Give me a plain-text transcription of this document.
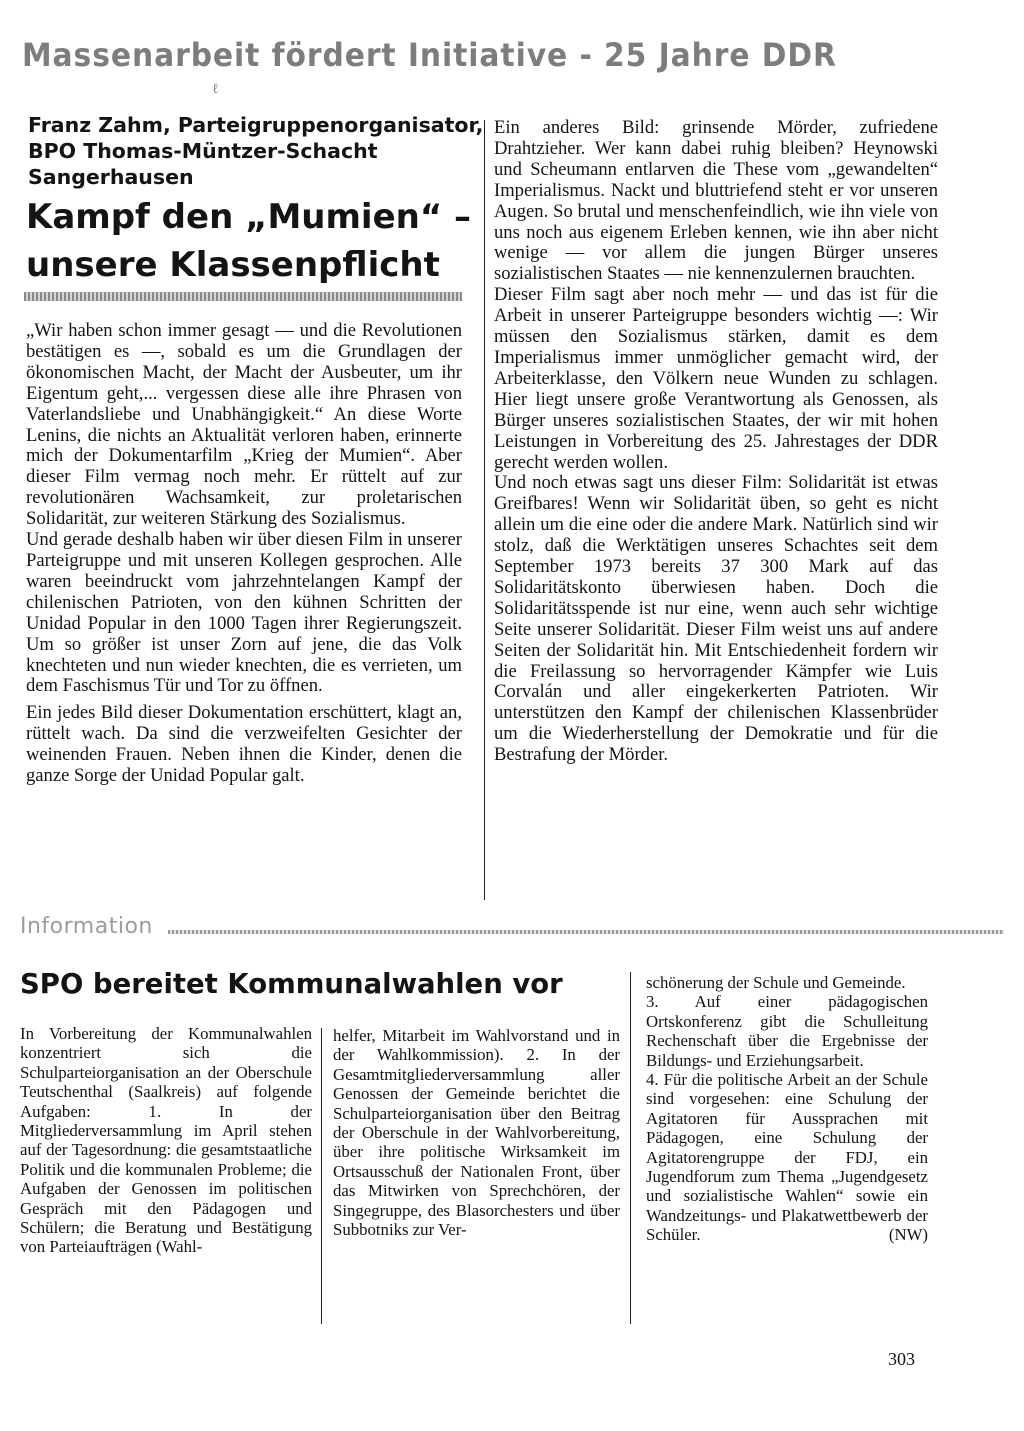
Massenarbeit fördert Initiative - 25 Jahre DDR
ℓ
Franz Zahm, Parteigruppenorganisator,
BPO Thomas-Müntzer-Schacht
Sangerhausen
Kampf den „Mumien“ –
unsere Klassenpflicht

„Wir haben schon immer gesagt — und die Revolutionen bestätigen es —, sobald es um die Grundlagen der ökonomischen Macht, der Macht der Ausbeuter, um ihr Eigentum geht,... vergessen diese alle ihre Phrasen von Vaterlandsliebe und Unabhängigkeit.“ An diese Worte Lenins, die nichts an Aktualität verloren haben, erinnerte mich der Dokumentarfilm „Krieg der Mumien“. Aber dieser Film vermag noch mehr. Er rüttelt auf zur revolutionären Wachsamkeit, zur proletarischen Solidarität, zur weiteren Stärkung des Sozialismus.

Und gerade deshalb haben wir über diesen Film in unserer Parteigruppe und mit unseren Kollegen gesprochen. Alle waren beeindruckt vom jahrzehntelangen Kampf der chilenischen Patrioten, von den kühnen Schritten der Unidad Popular in den 1000 Tagen ihrer Regierungszeit. Um so größer ist unser Zorn auf jene, die das Volk knechteten und nun wieder knechten, die es verrieten, um dem Faschismus Tür und Tor zu öffnen.

Ein jedes Bild dieser Dokumentation erschüttert, klagt an, rüttelt wach. Da sind die verzweifelten Gesichter der weinenden Frauen. Neben ihnen die Kinder, denen die ganze Sorge der Unidad Popular galt.

Ein anderes Bild: grinsende Mörder, zufriedene Drahtzieher. Wer kann dabei ruhig bleiben? Heynowski und Scheumann entlarven die These vom „gewandelten“ Imperialismus. Nackt und bluttriefend steht er vor unseren Augen. So brutal und menschenfeindlich, wie ihn viele von uns noch aus eigenem Erleben kennen, wie ihn aber nicht wenige — vor allem die jungen Bürger unseres sozialistischen Staates — nie kennenzulernen brauchten.

Dieser Film sagt aber noch mehr — und das ist für die Arbeit in unserer Parteigruppe besonders wichtig —: Wir müssen den Sozialismus stärken, damit es dem Imperialismus immer unmöglicher gemacht wird, der Arbeiterklasse, den Völkern neue Wunden zu schlagen. Hier liegt unsere große Verantwortung als Genossen, als Bürger unseres sozialistischen Staates, der wir mit hohen Leistungen in Vorbereitung des 25. Jahrestages der DDR gerecht werden wollen.

Und noch etwas sagt uns dieser Film: Solidarität ist etwas Greifbares! Wenn wir Solidarität üben, so geht es nicht allein um die eine oder die andere Mark. Natürlich sind wir stolz, daß die Werktätigen unseres Schachtes seit dem September 1973 bereits 37 300 Mark auf das Solidaritätskonto überwiesen haben. Doch die Solidaritätsspende ist nur eine, wenn auch sehr wichtige Seite unserer Solidarität. Dieser Film weist uns auf andere Seiten der Solidarität hin. Mit Entschiedenheit fordern wir die Freilassung so hervorragender Kämpfer wie Luis Corvalán und aller eingekerkerten Patrioten. Wir unterstützen den Kampf der chilenischen Klassenbrüder um die Wiederherstellung der Demokratie und für die Bestrafung der Mörder.

Information
SPO bereitet Kommunalwahlen vor

In Vorbereitung der Kommunalwahlen konzentriert sich die Schulparteiorganisation an der Oberschule Teutschenthal (Saalkreis) auf folgende Aufgaben: 1. In der Mitgliederversammlung im April stehen auf der Tagesordnung: die gesamtstaatliche Politik und die kommunalen Probleme; die Aufgaben der Genossen im politischen Gespräch mit den Pädagogen und Schülern; die Beratung und Bestätigung von Parteiaufträgen (Wahl-

helfer, Mitarbeit im Wahlvorstand und in der Wahlkommission). 2. In der Gesamtmitgliederversammlung aller Genossen der Gemeinde berichtet die Schulparteiorganisation über den Beitrag der Oberschule in der Wahlvorbereitung, über ihre politische Wirksamkeit im Ortsausschuß der Nationalen Front, über das Mitwirken von Sprechchören, der Singegruppe, des Blasorchesters und über Subbotniks zur Ver-

schönerung der Schule und Gemeinde.

3. Auf einer pädagogischen Ortskonferenz gibt die Schulleitung Rechenschaft über die Ergebnisse der Bildungs- und Erziehungsarbeit.

4. Für die politische Arbeit an der Schule sind vorgesehen: eine Schulung der Agitatoren für Aussprachen mit Pädagogen, eine Schulung der Agitatorengruppe der FDJ, ein Jugendforum zum Thema „Jugendgesetz und sozialistische Wahlen“ sowie ein Wandzeitungs- und Plakatwettbewerb der Schüler.	(NW)

303
